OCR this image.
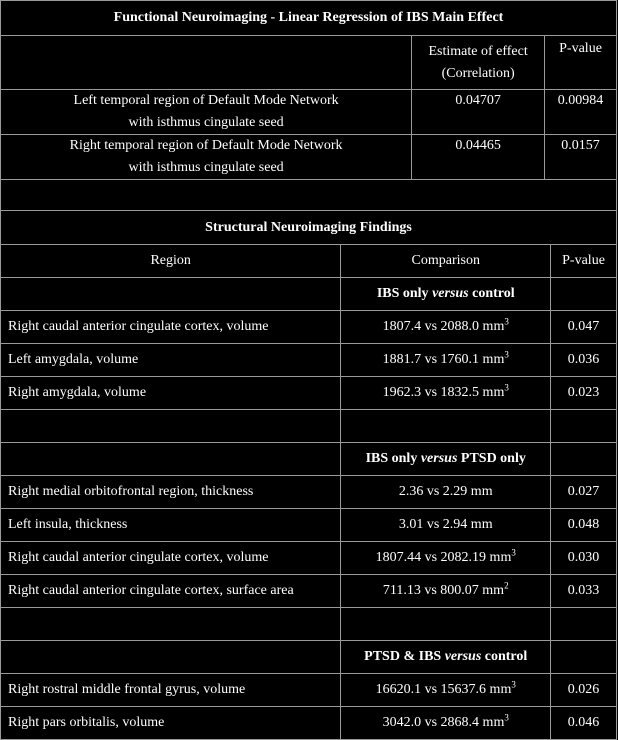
Functional Neuroimaging - Linear Regression of IBS Main Effect		

	Estimate of effect
(Correlation)	P-value

Left temporal region of Default Mode Network
with isthmus cingulate seed	0.04707	0.00984

Right temporal region of Default Mode Network
with isthmus cingulate seed	0.04465	0.0157

Structural Neuroimaging Findings		
Region	Comparison	P-value
	IBS only versus control	
Right caudal anterior cingulate cortex, volume	1807.4 vs 2088.0 $mm^3$	0.047
Left amygdala, volume	1881.7 vs 1760.1 $mm^3$	0.036
Right amygdala, volume	1962.3 vs 1832.5 $mm^3$	0.023

	IBS only versus PTSD only	
Right medial orbitofrontal region, thickness	2.36 vs 2.29 mm	0.027
Left insula, thickness	3.01 vs 2.94 mm	0.048
Right caudal anterior cingulate cortex, volume	1807.44 vs 2082.19 $mm^3$	0.030
Right caudal anterior cingulate cortex, surface area	711.13 vs 800.07 $mm^2$	0.033

	PTSD & IBS versus control	
Right rostral middle frontal gyrus, volume	16620.1 vs 15637.6 $mm^3$	0.026
Right pars orbitalis, volume	3042.0 vs 2868.4 $mm^3$	0.046
